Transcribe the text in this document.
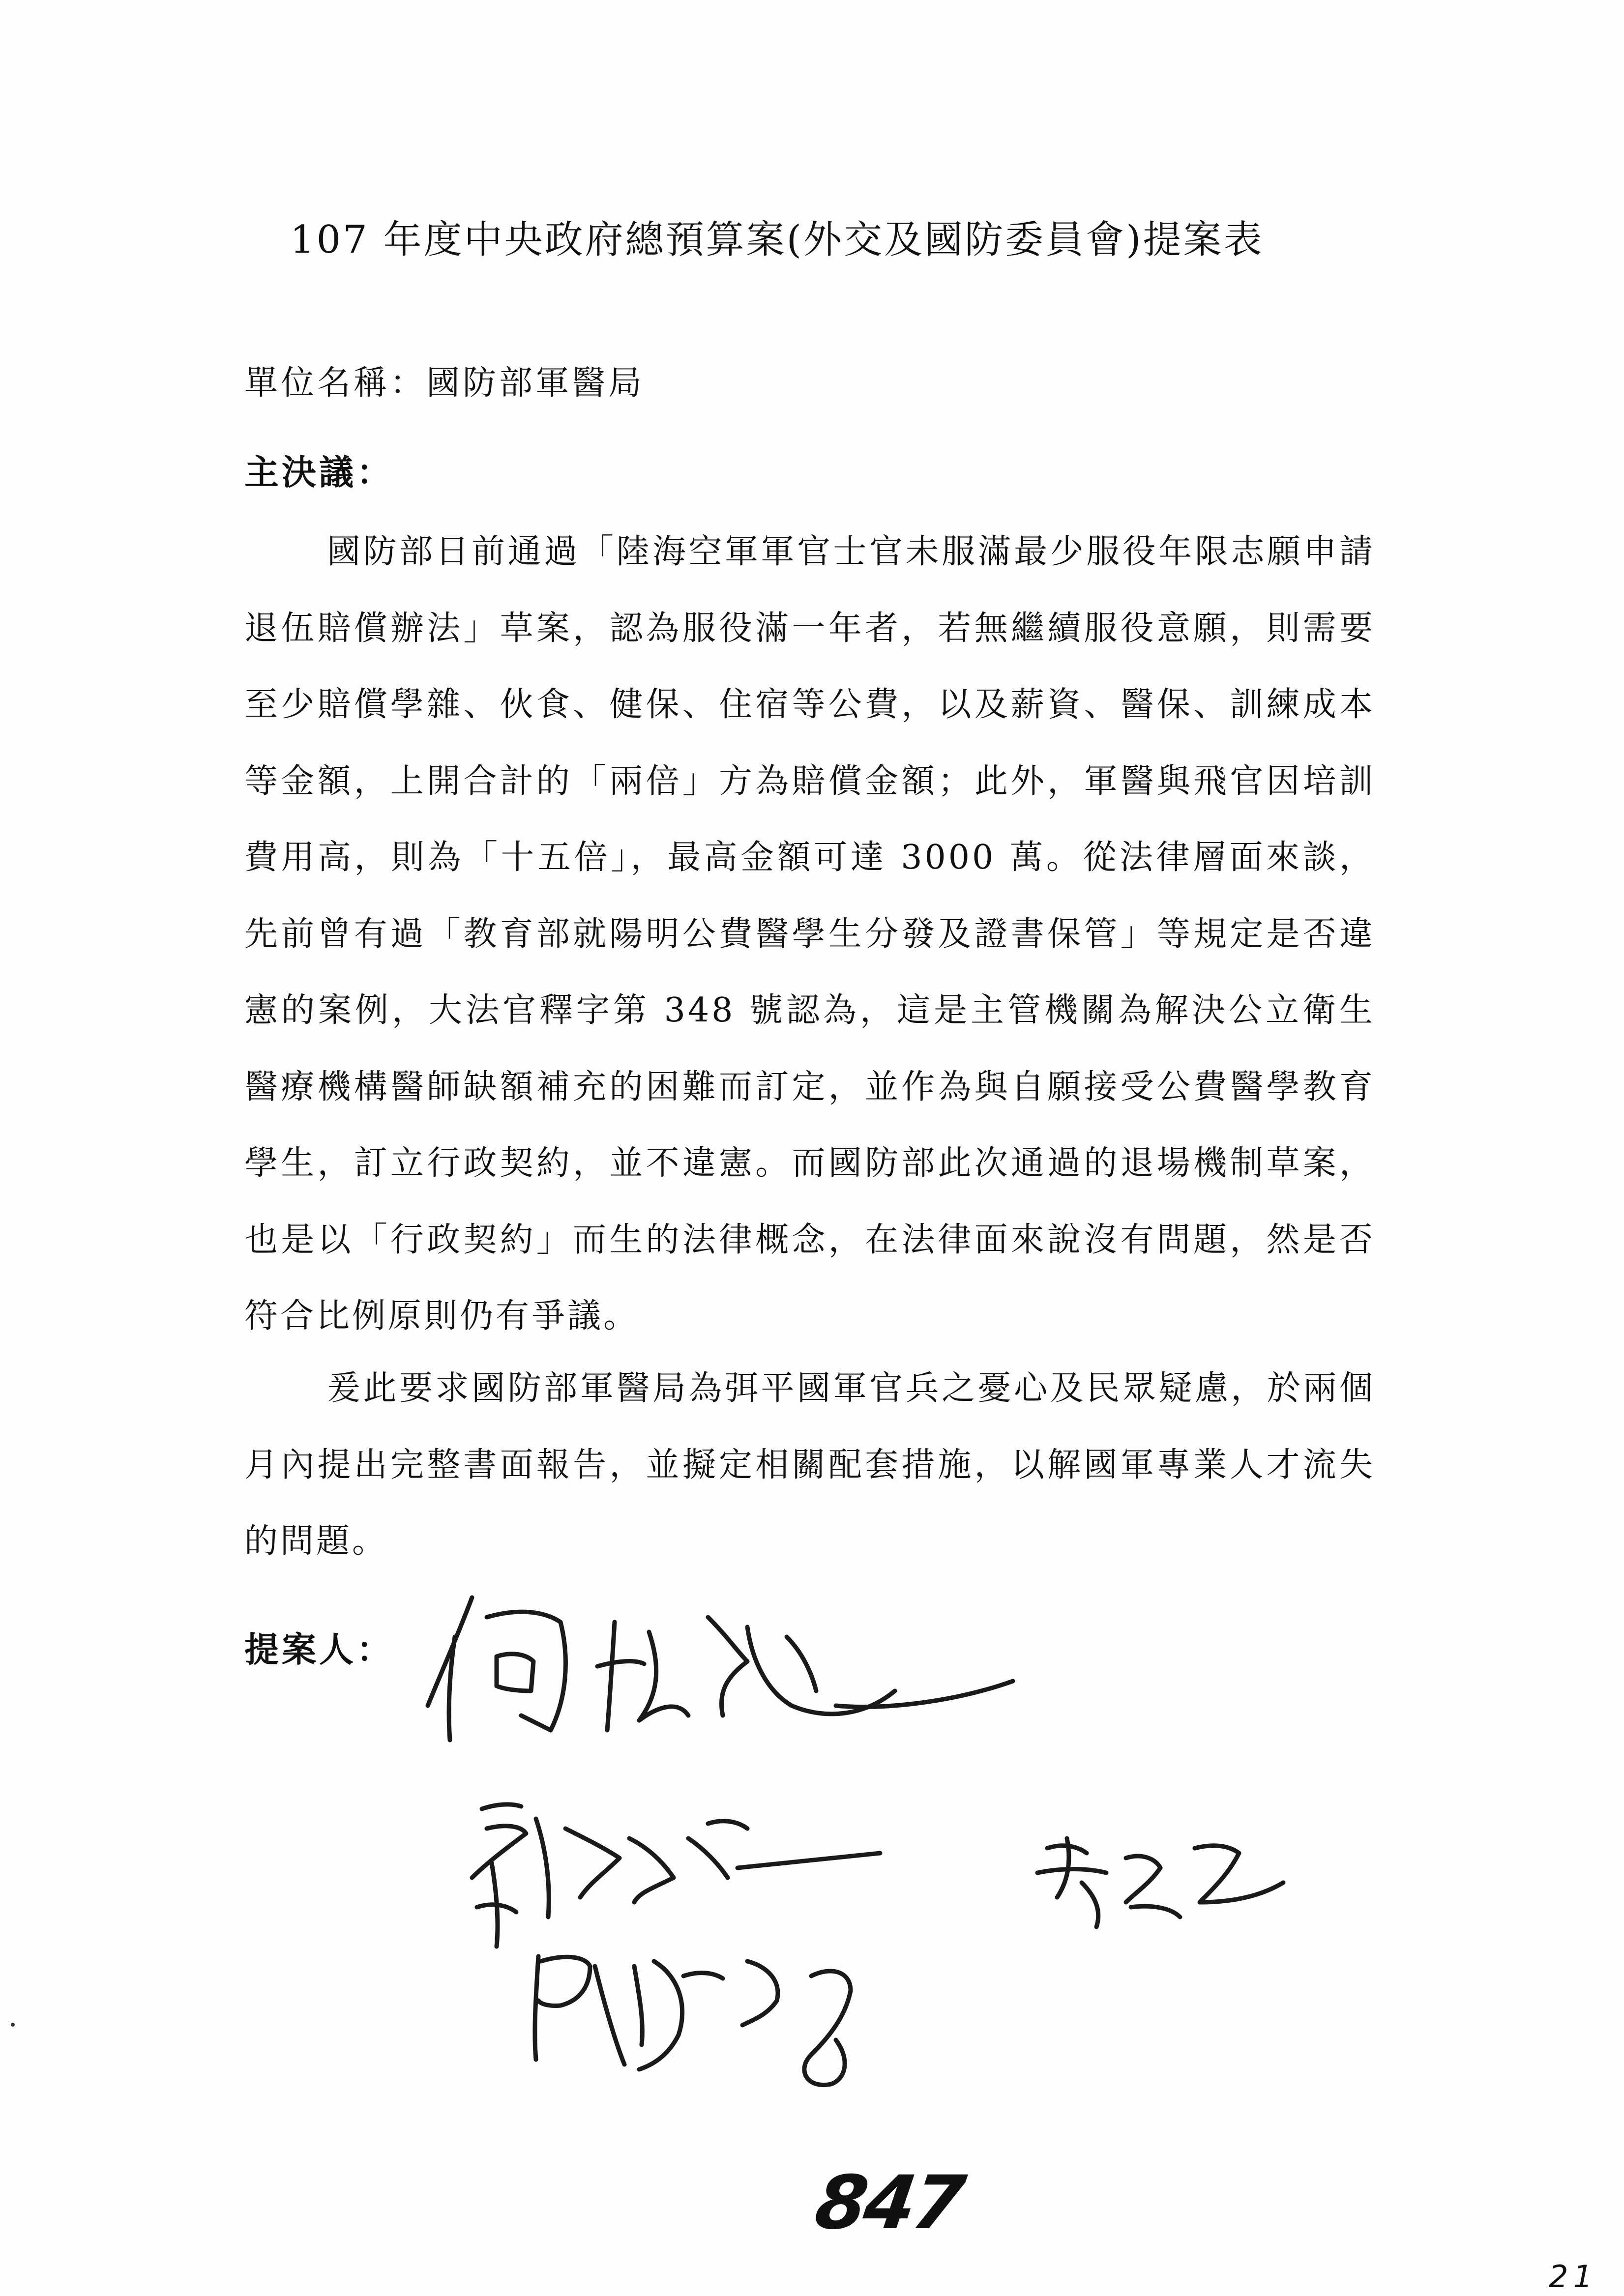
107 年度中央政府總預算案(外交及國防委員會)提案表
單位名稱：國防部軍醫局
主決議：

國防部日前通過「陸海空軍軍官士官未服滿最少服役年限志願申請退伍賠償辦法」草案，認為服役滿一年者，若無繼續服役意願，則需要至少賠償學雜、伙食、健保、住宿等公費，以及薪資、醫保、訓練成本等金額，上開合計的「兩倍」方為賠償金額；此外，軍醫與飛官因培訓費用高，則為「十五倍」，最高金額可達 3000 萬。從法律層面來談，先前曾有過「教育部就陽明公費醫學生分發及證書保管」等規定是否違憲的案例，大法官釋字第 348 號認為，這是主管機關為解決公立衛生醫療機構醫師缺額補充的困難而訂定，並作為與自願接受公費醫學教育學生，訂立行政契約，並不違憲。而國防部此次通過的退場機制草案，也是以「行政契約」而生的法律概念，在法律面來說沒有問題，然是否符合比例原則仍有爭議。

爰此要求國防部軍醫局為弭平國軍官兵之憂心及民眾疑慮，於兩個月內提出完整書面報告，並擬定相關配套措施，以解國軍專業人才流失的問題。

提案人：
847
21
